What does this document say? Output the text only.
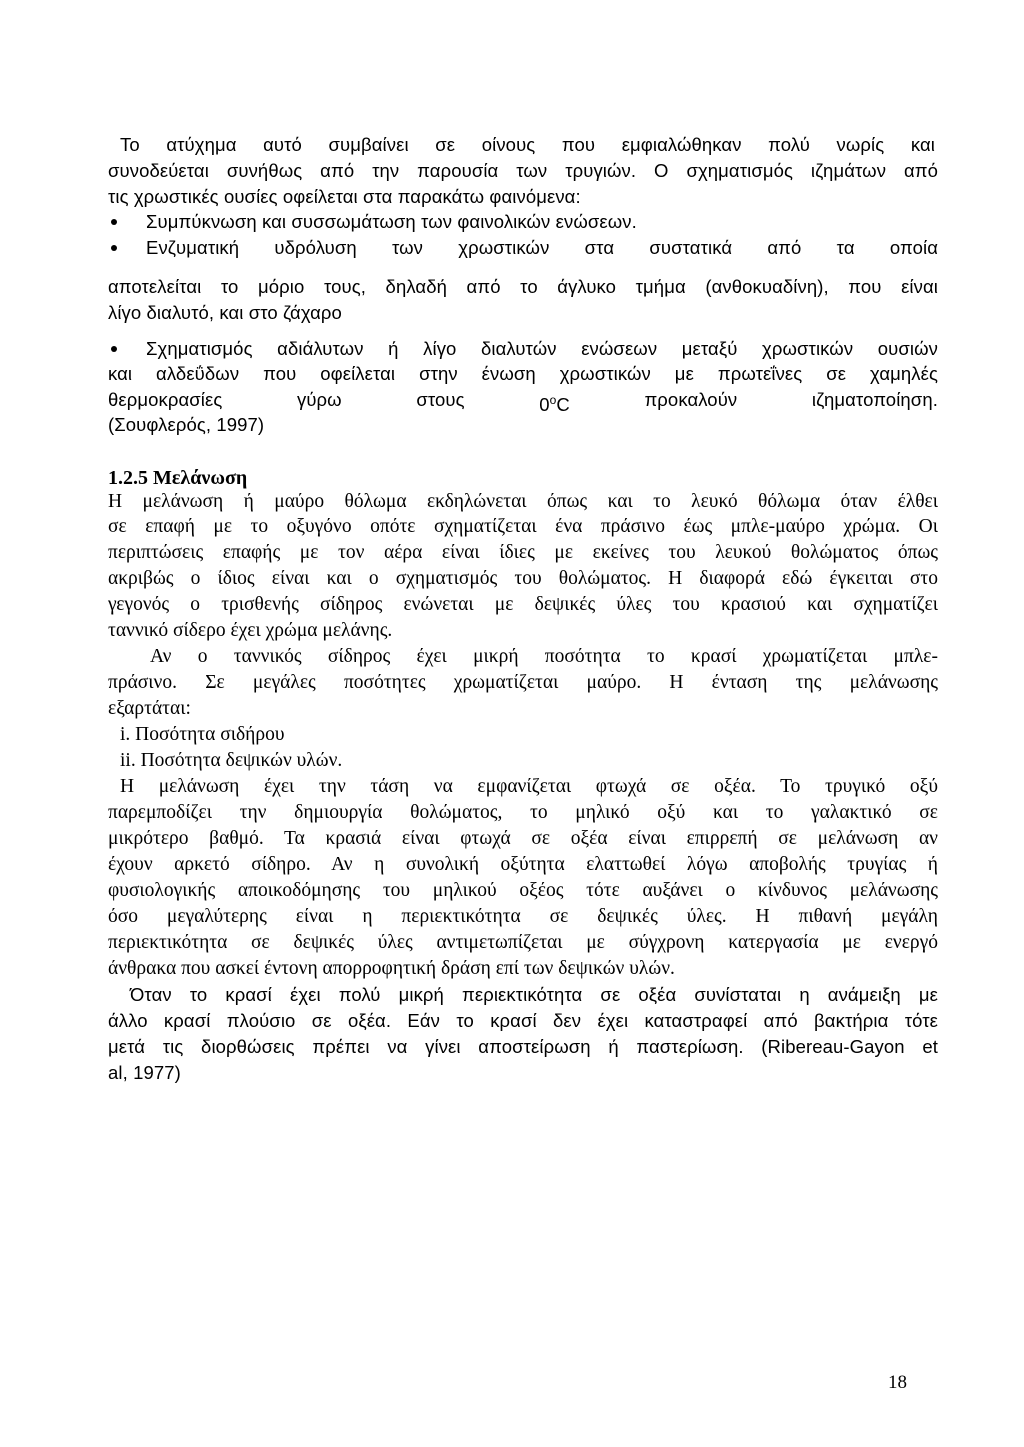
Το ατύχημα αυτό συμβαίνει σε οίνους που εμφιαλώθηκαν πολύ νωρίς και
συνοδεύεται συνήθως από την παρουσία των τρυγιών. Ο σχηματισμός ιζημάτων από
τις χρωστικές ουσίες οφείλεται στα παρακάτω φαινόμενα:
Συμπύκνωση και συσσωμάτωση των φαινολικών ενώσεων.
Ενζυματική υδρόλυση των χρωστικών στα συστατικά από τα οποία
αποτελείται το μόριο τους, δηλαδή από το άγλυκο τμήμα (ανθοκυαδίνη), που είναι
λίγο διαλυτό, και στο ζάχαρο
Σχηματισμός αδιάλυτων ή λίγο διαλυτών ενώσεων μεταξύ χρωστικών ουσιών
και αλδεΰδων που οφείλεται στην ένωση χρωστικών με πρωτεΐνες σε χαμηλές
θερμοκρασίες	γύρω	στους	0$^o$C	προκαλούν	ιζηματοποίηση.
(Σουφλερός, 1997)
1.2.5 Μελάνωση
Η μελάνωση ή μαύρο θόλωμα εκδηλώνεται όπως και το λευκό θόλωμα όταν έλθει
σε επαφή με το οξυγόνο οπότε σχηματίζεται ένα πράσινο έως μπλε-μαύρο χρώμα. Οι
περιπτώσεις επαφής με τον αέρα είναι ίδιες με εκείνες του λευκού θολώματος όπως
ακριβώς ο ίδιος είναι και ο σχηματισμός του θολώματος. Η διαφορά εδώ έγκειται στο
γεγονός ο τρισθενής σίδηρος ενώνεται με δεψικές ύλες του κρασιού και σχηματίζει
ταννικό σίδερο έχει χρώμα μελάνης.
Αν ο ταννικός σίδηρος έχει μικρή ποσότητα το κρασί χρωματίζεται μπλε-
πράσινο. Σε μεγάλες ποσότητες χρωματίζεται μαύρο. Η ένταση της μελάνωσης
εξαρτάται:
i. Ποσότητα σιδήρου
ii. Ποσότητα δεψικών υλών.
Η μελάνωση έχει την τάση να εμφανίζεται φτωχά σε οξέα. Το τρυγικό οξύ
παρεμποδίζει την δημιουργία θολώματος, το μηλικό οξύ και το γαλακτικό σε
μικρότερο βαθμό. Τα κρασιά είναι φτωχά σε οξέα είναι επιρρεπή σε μελάνωση αν
έχουν αρκετό σίδηρο. Αν η συνολική οξύτητα ελαττωθεί λόγω αποβολής τρυγίας ή
φυσιολογικής αποικοδόμησης του μηλικού οξέος τότε αυξάνει ο κίνδυνος μελάνωσης
όσο μεγαλύτερης είναι η περιεκτικότητα σε δεψικές ύλες. Η πιθανή μεγάλη
περιεκτικότητα σε δεψικές ύλες αντιμετωπίζεται με σύγχρονη κατεργασία με ενεργό
άνθρακα που ασκεί έντονη απορροφητική δράση επί των δεψικών υλών.
Όταν το κρασί έχει πολύ μικρή περιεκτικότητα σε οξέα συνίσταται η ανάμειξη με
άλλο κρασί πλούσιο σε οξέα. Εάν το κρασί δεν έχει καταστραφεί από βακτήρια τότε
μετά τις διορθώσεις πρέπει να γίνει αποστείρωση ή παστερίωση. (Ribereau-Gayon et
al, 1977)
18
